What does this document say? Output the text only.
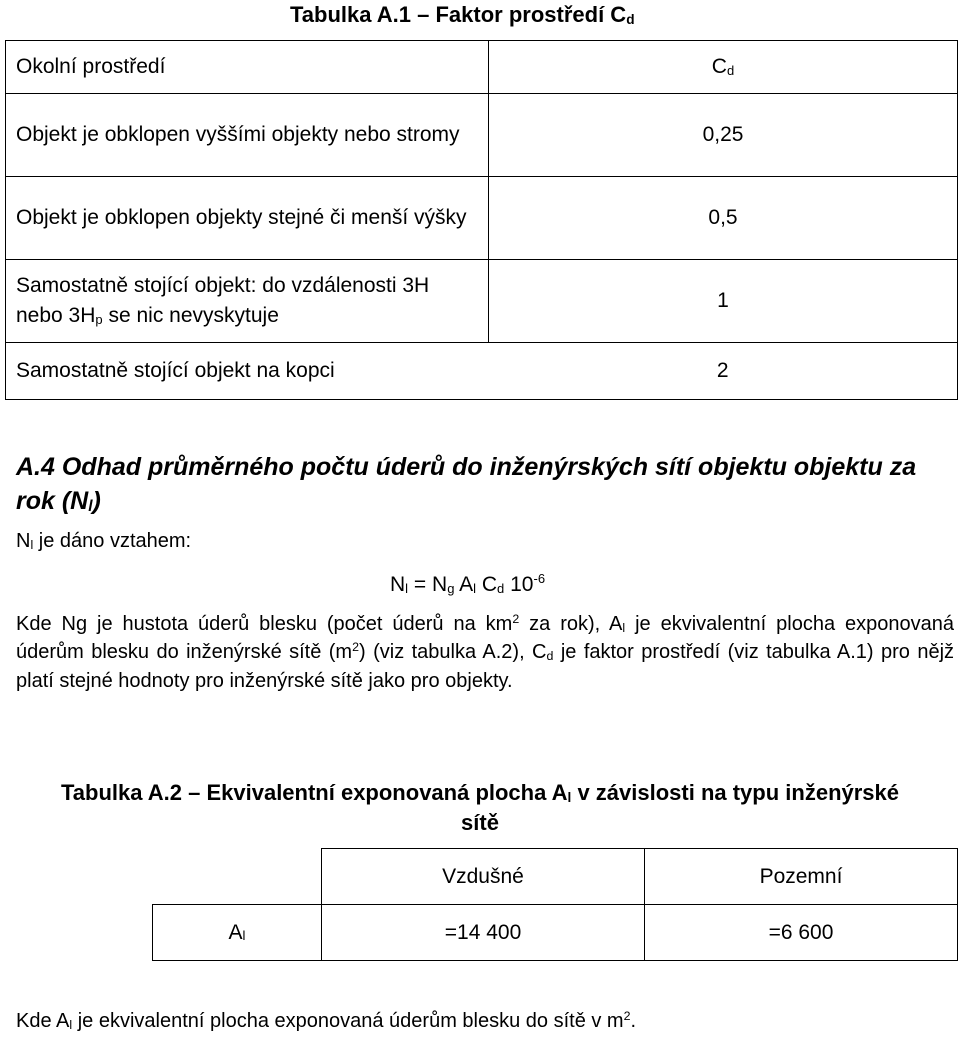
Tabulka A.1 – Faktor prostředí $C_d$
Okolní prostředí	$C_d$
Objekt je obklopen vyššími objekty nebo stromy	0,25
Objekt je obklopen objekty stejné či menší výšky	0,5
Samostatně stojící objekt: do vzdálenosti 3H nebo $3H_p$ se nic nevyskytuje	1
Samostatně stojící objekt na kopci	2
A.4 Odhad průměrného počtu úderů do inženýrských sítí objektu objektu za rok $(N_l)$
$N_l$ je dáno vztahem:
$N_l = N_g$ $A_l$ $C_d$ $10^{-6}$
Kde Ng je hustota úderů blesku (počet úderů na $km^2$ za rok), $A_l$ je ekvivalentní plocha exponovaná úderům blesku do inženýrské sítě $(m^2)$ (viz tabulka A.2), $C_d$ je faktor prostředí (viz tabulka A.1) pro nějž platí stejné hodnoty pro inženýrské sítě jako pro objekty.
Tabulka A.2 – Ekvivalentní exponovaná plocha $A_l$ v závislosti na typu inženýrské sítě
	Vzdušné	Pozemní
$A_l$	=14 400	=6 600
Kde $A_l$ je ekvivalentní plocha exponovaná úderům blesku do sítě v $m^2$.
